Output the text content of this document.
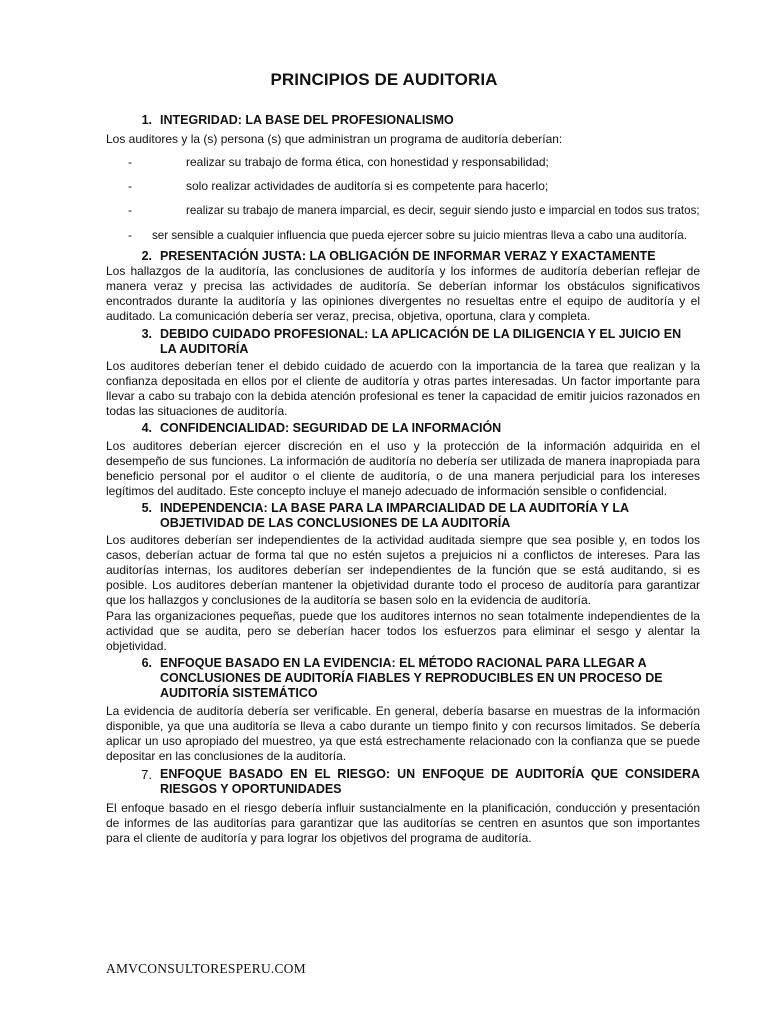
PRINCIPIOS DE AUDITORIA
1. INTEGRIDAD: LA BASE DEL PROFESIONALISMO

Los auditores y la (s) persona (s) que administran un programa de auditoría deberían:

-	realizar su trabajo de forma ética, con honestidad y responsabilidad;
-	solo realizar actividades de auditoría si es competente para hacerlo;
-	realizar su trabajo de manera imparcial, es decir, seguir siendo justo e imparcial en todos sus tratos;
-	ser sensible a cualquier influencia que pueda ejercer sobre su juicio mientras lleva a cabo una auditoría.
2. PRESENTACIÓN JUSTA: LA OBLIGACIÓN DE INFORMAR VERAZ Y EXACTAMENTE

Los hallazgos de la auditoría, las conclusiones de auditoría y los informes de auditoría deberían reflejar de manera veraz y precisa las actividades de auditoría. Se deberían informar los obstáculos significativos encontrados durante la auditoría y las opiniones divergentes no resueltas entre el equipo de auditoría y el auditado. La comunicación debería ser veraz, precisa, objetiva, oportuna, clara y completa.

3. DEBIDO CUIDADO PROFESIONAL: LA APLICACIÓN DE LA DILIGENCIA Y EL JUICIO EN LA AUDITORÍA

Los auditores deberían tener el debido cuidado de acuerdo con la importancia de la tarea que realizan y la confianza depositada en ellos por el cliente de auditoría y otras partes interesadas. Un factor importante para llevar a cabo su trabajo con la debida atención profesional es tener la capacidad de emitir juicios razonados en todas las situaciones de auditoría.

4. CONFIDENCIALIDAD: SEGURIDAD DE LA INFORMACIÓN

Los auditores deberían ejercer discreción en el uso y la protección de la información adquirida en el desempeño de sus funciones. La información de auditoría no debería ser utilizada de manera inapropiada para beneficio personal por el auditor o el cliente de auditoría, o de una manera perjudicial para los intereses legítimos del auditado. Este concepto incluye el manejo adecuado de información sensible o confidencial.

5. INDEPENDENCIA: LA BASE PARA LA IMPARCIALIDAD DE LA AUDITORÍA Y LA OBJETIVIDAD DE LAS CONCLUSIONES DE LA AUDITORÍA

Los auditores deberían ser independientes de la actividad auditada siempre que sea posible y, en todos los casos, deberían actuar de forma tal que no estén sujetos a prejuicios ni a conflictos de intereses. Para las auditorías internas, los auditores deberían ser independientes de la función que se está auditando, si es posible. Los auditores deberían mantener la objetividad durante todo el proceso de auditoría para garantizar que los hallazgos y conclusiones de la auditoría se basen solo en la evidencia de auditoría.

Para las organizaciones pequeñas, puede que los auditores internos no sean totalmente independientes de la actividad que se audita, pero se deberían hacer todos los esfuerzos para eliminar el sesgo y alentar la objetividad.

6. ENFOQUE BASADO EN LA EVIDENCIA: EL MÉTODO RACIONAL PARA LLEGAR A CONCLUSIONES DE AUDITORÍA FIABLES Y REPRODUCIBLES EN UN PROCESO DE AUDITORÍA SISTEMÁTICO

La evidencia de auditoría debería ser verificable. En general, debería basarse en muestras de la información disponible, ya que una auditoría se lleva a cabo durante un tiempo finito y con recursos limitados. Se debería aplicar un uso apropiado del muestreo, ya que está estrechamente relacionado con la confianza que se puede depositar en las conclusiones de la auditoría.

7. ENFOQUE BASADO EN EL RIESGO: UN ENFOQUE DE AUDITORÍA QUE CONSIDERA RIESGOS Y OPORTUNIDADES

El enfoque basado en el riesgo debería influir sustancialmente en la planificación, conducción y presentación de informes de las auditorías para garantizar que las auditorías se centren en asuntos que son importantes para el cliente de auditoría y para lograr los objetivos del programa de auditoría.

AMVCONSULTORESPERU.COM
